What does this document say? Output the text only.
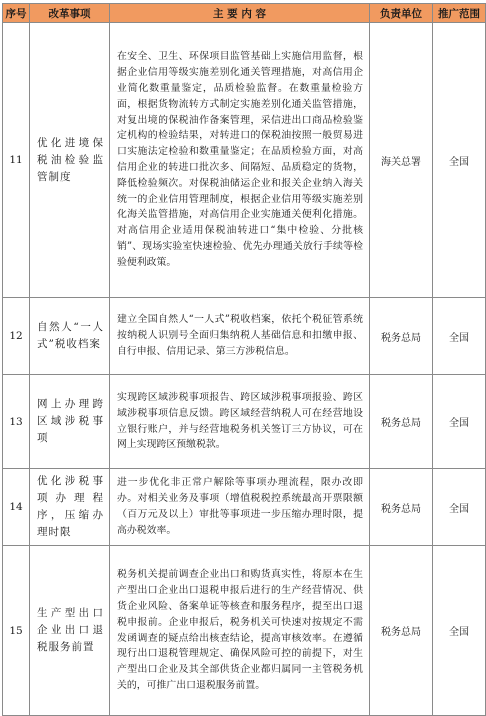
序号	改革事项	主 要 内 容	负责单位	推广范围
11	优化进境保税油检验监管制度	在安全、卫生、环保项目监管基础上实施信用监督，根据企业信用等级实施差别化通关管理措施，对高信用企业简化数重量鉴定，品质检验监督。在数重量检验方面，根据货物流转方式制定实施差别化通关监管措施，对复出境的保税油作备案管理，采信进出口商品检验鉴定机构的检验结果，对转进口的保税油按照一般贸易进口实施法定检验和数重量鉴定；在品质检验方面，对高信用企业的转进口批次多、间隔短、品质稳定的货物，降低检验频次。对保税油储运企业和报关企业纳入海关统一的企业信用管理制度，根据企业信用等级实施差别化海关监管措施，对高信用企业实施通关便利化措施。对高信用企业适用保税油转进口“集中检验、分批核销”、现场实验室快速检验、优先办理通关放行手续等检验便利政策。	海关总署	全国
12	自然人“一人式”税收档案	建立全国自然人“一人式”税收档案，依托个税征管系统按纳税人识别号全面归集纳税人基础信息和扣缴申报、自行申报、信用记录、第三方涉税信息。	税务总局	全国
13	网上办理跨区域涉税事项	实现跨区域涉税事项报告、跨区域涉税事项报验、跨区域涉税事项信息反馈。跨区域经营纳税人可在经营地设立银行账户，并与经营地税务机关签订三方协议，可在网上实现跨区预缴税款。	税务总局	全国
14	优化涉税事项办理程序，压缩办理时限	进一步优化非正常户解除等事项办理流程，限办改即办。对相关业务及事项（增值税税控系统最高开票限额（百万元及以上）审批等事项进一步压缩办理时限，提高办税效率。	税务总局	全国
15	生产型出口企业出口退税服务前置	税务机关提前调查企业出口和购货真实性，将原本在生产型出口企业出口退税申报后进行的生产经营情况、供货企业风险、备案单证等核查和服务程序，提至出口退税申报前。企业申报后，税务机关可快速对按规定不需发函调查的疑点给出核查结论，提高审核效率。在遵循现行出口退税管理规定、确保风险可控的前提下，对生产型出口企业及其全部供货企业都归属同一主管税务机关的，可推广出口退税服务前置。	税务总局	全国
